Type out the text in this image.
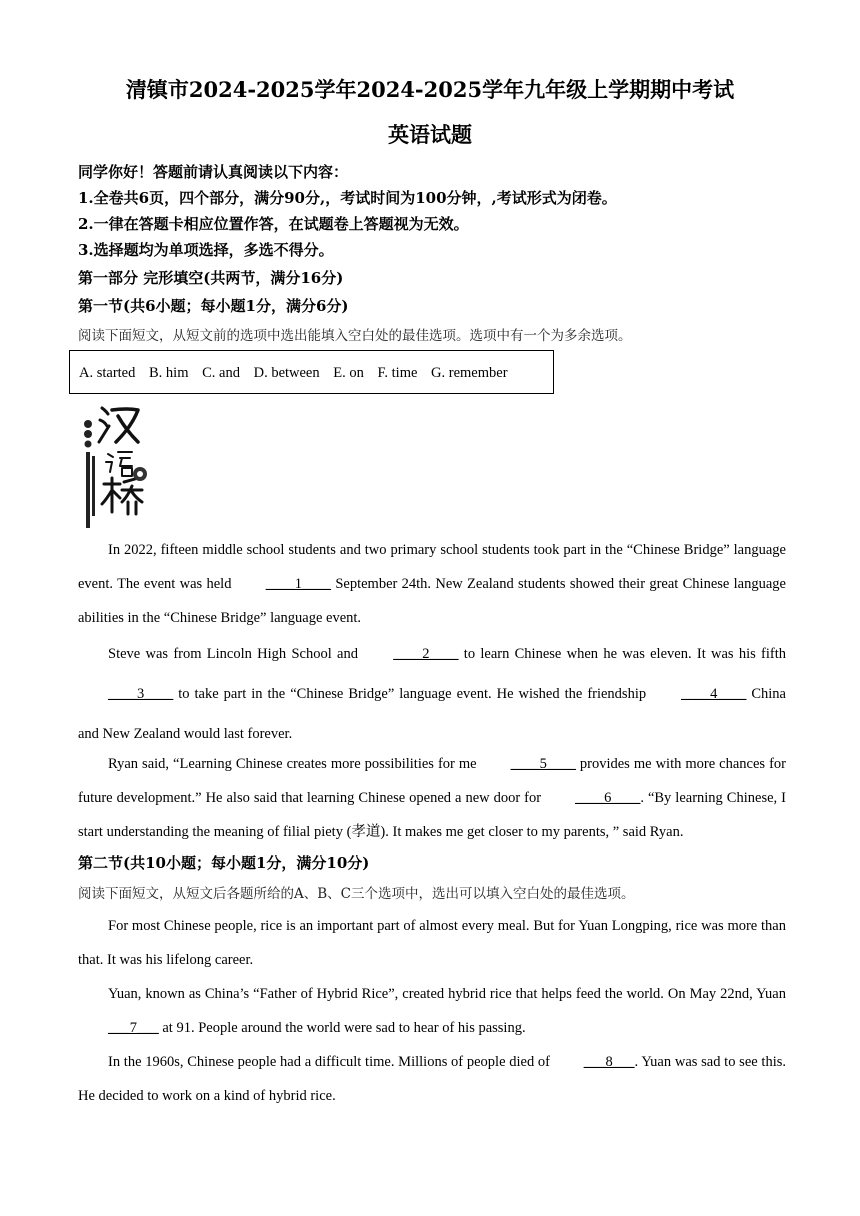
清镇市2024-2025学年2024-2025学年九年级上学期期中考试
英语试题
同学你好！答题前请认真阅读以下内容：
1.全卷共6页，四个部分，满分90分,，考试时间为100分钟，,考试形式为闭卷。
2.一律在答题卡相应位置作答，在试题卷上答题视为无效。
3.选择题均为单项选择，多选不得分。
第一部分 完形填空(共两节，满分16分)
第一节(共6小题；每小题1分，满分6分)
阅读下面短文，从短文前的选项中选出能填入空白处的最佳选项。选项中有一个为多余选项。
A. started B. him C. and D. between E. on F. time G. remember
In 2022, fifteen middle school students and two primary school students took part in the “Chinese Bridge” language event. The event was held ____1____ September 24th. New Zealand students showed their great Chinese language abilities in the “Chinese Bridge” language event.
Steve was from Lincoln High School and ____2____ to learn Chinese when he was eleven. It was his fifth ____3____ to take part in the “Chinese Bridge” language event. He wished the friendship ____4____ China and New Zealand would last forever.
Ryan said, “Learning Chinese creates more possibilities for me ____5____ provides me with more chances for future development.” He also said that learning Chinese opened a new door for ____6____. “By learning Chinese, I start understanding the meaning of filial piety (孝道). It makes me get closer to my parents, ” said Ryan.
第二节(共10小题；每小题1分，满分10分)
阅读下面短文，从短文后各题所给的A、B、C三个选项中，选出可以填入空白处的最佳选项。
For most Chinese people, rice is an important part of almost every meal. But for Yuan Longping, rice was more than that. It was his lifelong career.
Yuan, known as China’s “Father of Hybrid Rice”, created hybrid rice that helps feed the world. On May 22nd, Yuan ___7___ at 91. People around the world were sad to hear of his passing.
In the 1960s, Chinese people had a difficult time. Millions of people died of ___8___. Yuan was sad to see this. He decided to work on a kind of hybrid rice.
